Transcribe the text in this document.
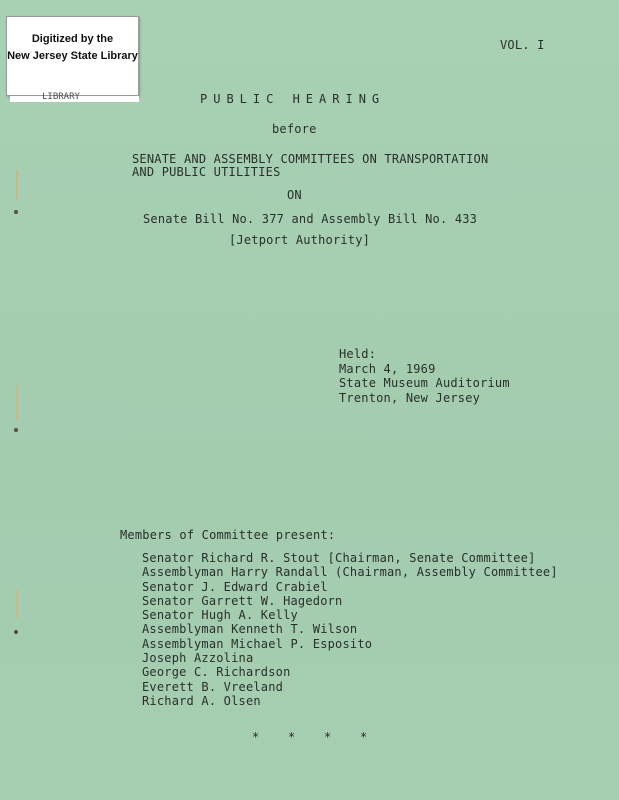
Digitized by the
New Jersey State Library
LIBRARY
VOL. I
PUBLIC HEARING
before
SENATE AND ASSEMBLY COMMITTEES ON TRANSPORTATION
AND PUBLIC UTILITIES
ON
Senate Bill No. 377 and Assembly Bill No. 433
[Jetport Authority]
Held:
March 4, 1969
State Museum Auditorium
Trenton, New Jersey
Members of Committee present:
Senator Richard R. Stout [Chairman, Senate Committee]
Assemblyman Harry Randall (Chairman, Assembly Committee]
Senator J. Edward Crabiel
Senator Garrett W. Hagedorn
Senator Hugh A. Kelly
Assemblyman Kenneth T. Wilson
Assemblyman Michael P. Esposito
Joseph Azzolina
George C. Richardson
Everett B. Vreeland
Richard A. Olsen
* * * *
